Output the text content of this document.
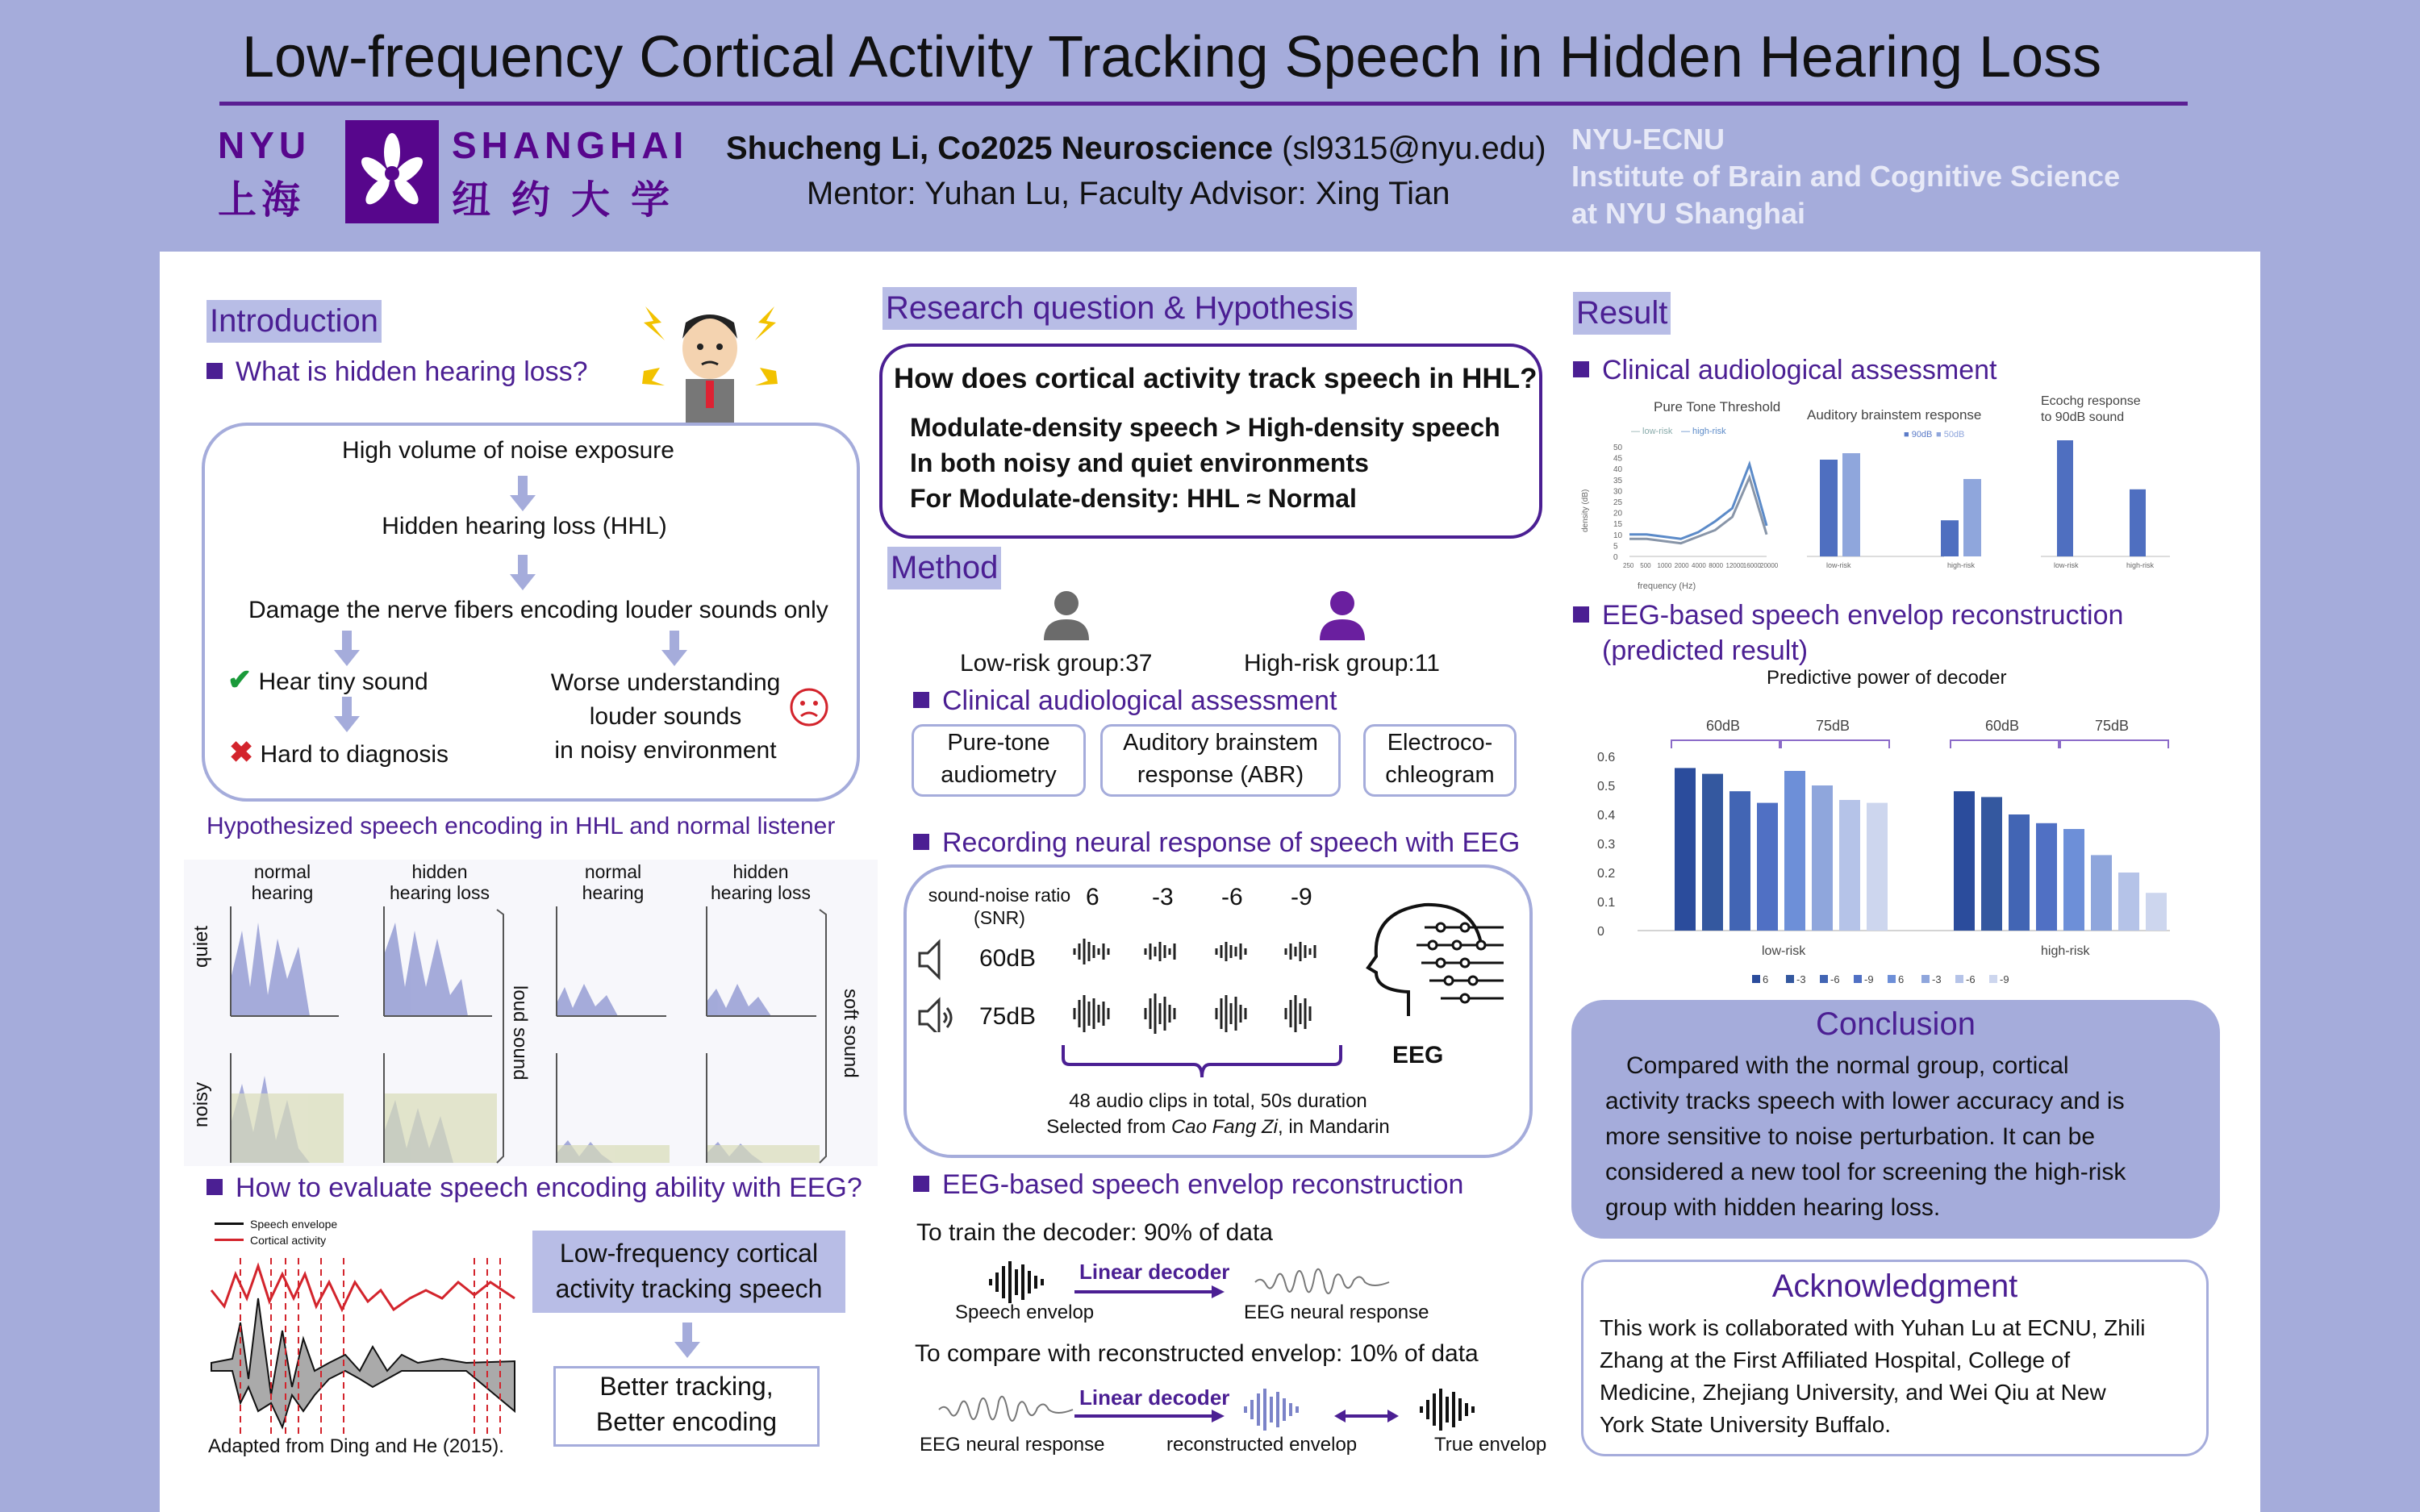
Low-frequency Cortical Activity Tracking Speech in Hidden Hearing Loss
NYU
上海
SHANGHAI
纽约大学
Shucheng Li, Co2025 Neuroscience (sl9315@nyu.edu)
Mentor: Yuhan Lu, Faculty Advisor: Xing Tian
NYU-ECNU
Institute of Brain and Cognitive Science
at NYU Shanghai
Introduction
What is hidden hearing loss?
High volume of noise exposure
Hidden hearing loss (HHL)
Damage the nerve fibers encoding louder sounds only
✔ Hear tiny sound
✖ Hard to diagnosis
Worse understanding
louder sounds
in noisy environment
Hypothesized speech encoding in HHL and normal listener
normal
hearing
hidden
hearing loss
normal
hearing
hidden
hearing loss
quiet
noisy
loud sound	soft sound
How to evaluate speech encoding ability with EEG?
Speech envelope
Cortical activity
Adapted from Ding and He (2015).
Low-frequency cortical
activity tracking speech
Better tracking,
Better encoding
Research question & Hypothesis
How does cortical activity track speech in HHL?
Modulate-density speech > High-density speech
In both noisy and quiet environments
For Modulate-density: HHL ≈ Normal
Method
Low-risk group:37	High-risk group:11
Clinical audiological assessment
Pure-tone
audiometry
Auditory brainstem
response (ABR)
Electroco-
chleogram
Recording neural response of speech with EEG
sound-noise ratio
(SNR)
6 -3 -6 -9
60dB
75dB
EEG
48 audio clips in total, 50s duration
Selected from Cao Fang Zi, in Mandarin
EEG-based speech envelop reconstruction
To train the decoder: 90% of data
Linear decoder
Speech envelop	EEG neural response
To compare with reconstructed envelop: 10% of data
Linear decoder
EEG neural response	reconstructed envelop	True envelop
Result
Clinical audiological assessment
Pure Tone Threshold
— low-risk — high-risk
50
45
40
35
30
25
20
15
10
5
0
250 500 1000 2000 4000 8000 12000 16000 20000
frequency (Hz)
density (dB)
Auditory brainstem response
■ 90dB ■ 50dB
low-risk	high-risk
Ecochg response
to 90dB sound
low-risk	high-risk
EEG-based speech envelop reconstruction
(predicted result)
Predictive power of decoder
0.6
0.5
0.4
0.3
0.2
0.1
0
low-risk
60dB	75dB
high-risk
60dB	75dB
6	-3 -6 -9 6	-3 -6 -9
Conclusion
Compared with the normal group, cortical
activity tracks speech with lower accuracy and is
more sensitive to noise perturbation. It can be
considered a new tool for screening the high-risk
group with hidden hearing loss.
Acknowledgment
This work is collaborated with Yuhan Lu at ECNU, Zhili
Zhang at the First Affiliated Hospital, College of
Medicine, Zhejiang University, and Wei Qiu at New
York State University Buffalo.
